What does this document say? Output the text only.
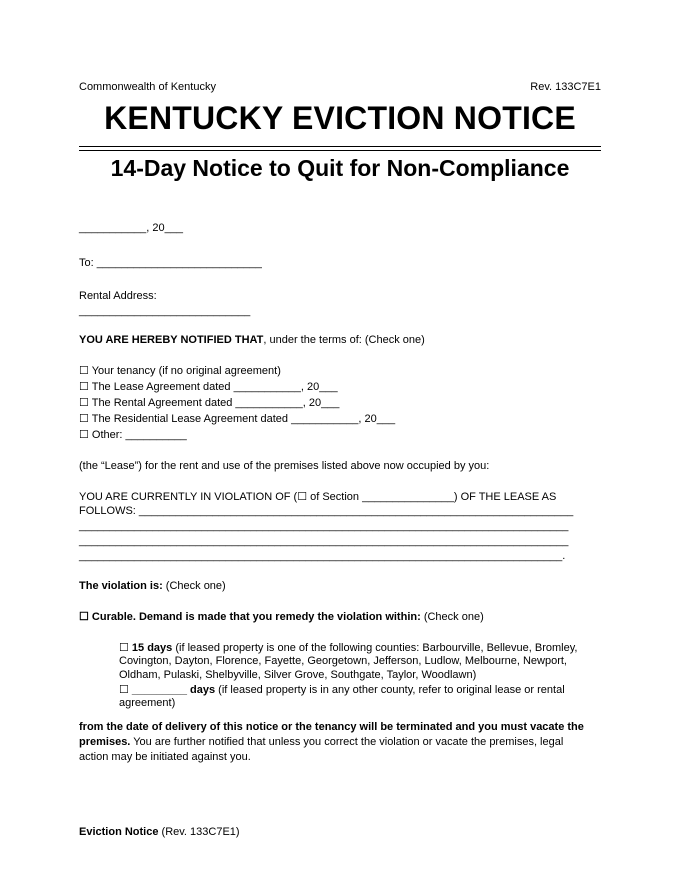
Commonwealth of Kentucky	Rev. 133C7E1
KENTUCKY EVICTION NOTICE
14-Day Notice to Quit for Non-Compliance
___________, 20___
To: ___________________________
Rental Address:
____________________________
YOU ARE HEREBY NOTIFIED THAT, under the terms of: (Check one)
☐ Your tenancy (if no original agreement)
☐ The Lease Agreement dated ___________, 20___
☐ The Rental Agreement dated ___________, 20___
☐ The Residential Lease Agreement dated ___________, 20___
☐ Other: __________
(the “Lease”) for the rent and use of the premises listed above now occupied by you:
YOU ARE CURRENTLY IN VIOLATION OF (☐ of Section _______________) OF THE LEASE AS
FOLLOWS: _______________________________________________________________________
________________________________________________________________________________
________________________________________________________________________________
_______________________________________________________________________________.
The violation is: (Check one)
☐ Curable. Demand is made that you remedy the violation within: (Check one)
☐ 15 days (if leased property is one of the following counties: Barbourville, Bellevue, Bromley,
Covington, Dayton, Florence, Fayette, Georgetown, Jefferson, Ludlow, Melbourne, Newport,
Oldham, Pulaski, Shelbyville, Silver Grove, Southgate, Taylor, Woodlawn)
☐ _________ days (if leased property is in any other county, refer to original lease or rental
agreement)
from the date of delivery of this notice or the tenancy will be terminated and you must vacate the
premises. You are further notified that unless you correct the violation or vacate the premises, legal
action may be initiated against you.
Eviction Notice (Rev. 133C7E1)
